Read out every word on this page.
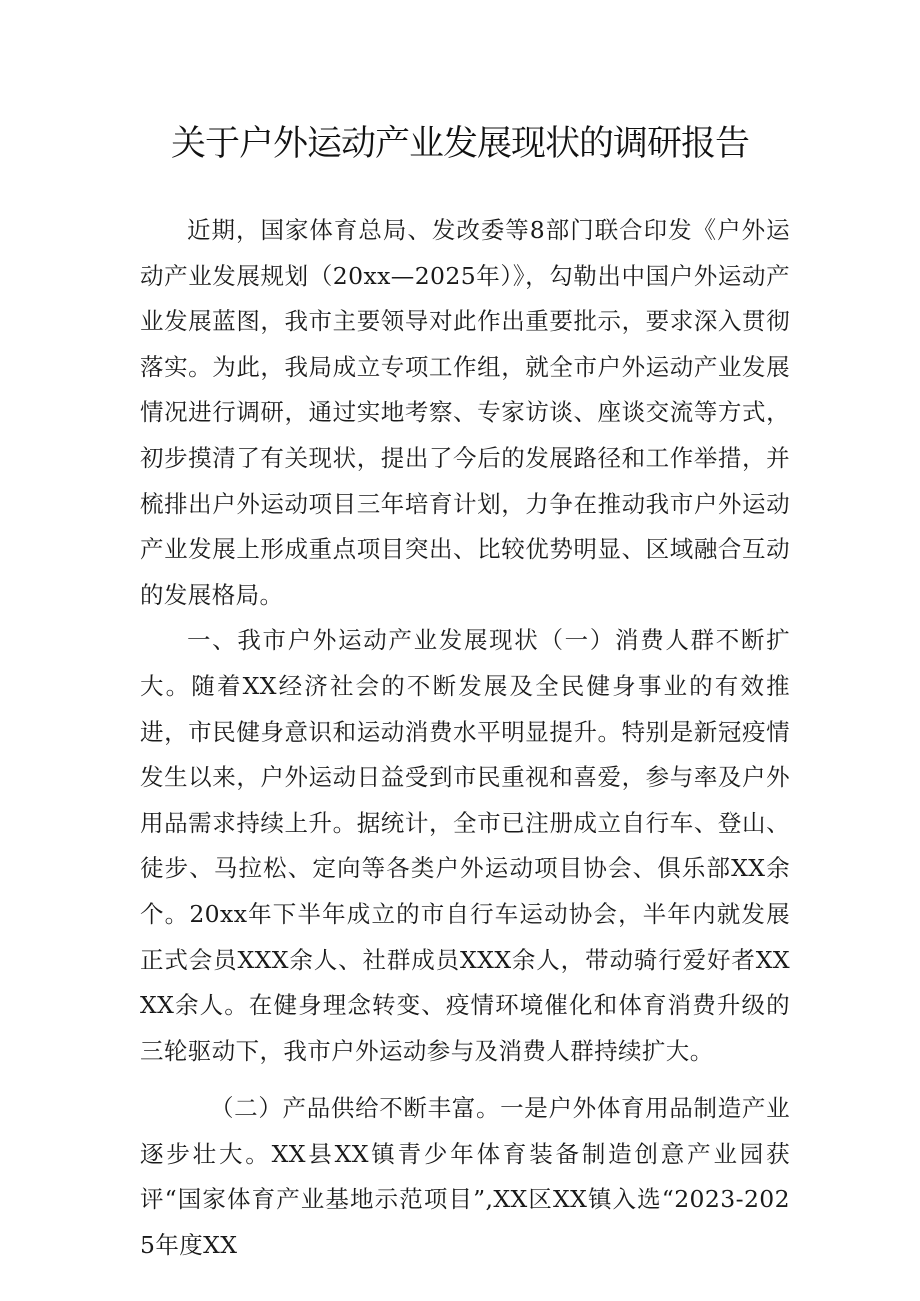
关于户外运动产业发展现状的调研报告

近期，国家体育总局、发改委等8部门联合印发《户外运动产业发展规划（20xx—2025年）》，勾勒出中国户外运动产业发展蓝图，我市主要领导对此作出重要批示，要求深入贯彻落实。为此，我局成立专项工作组，就全市户外运动产业发展情况进行调研，通过实地考察、专家访谈、座谈交流等方式，初步摸清了有关现状，提出了今后的发展路径和工作举措，并梳排出户外运动项目三年培育计划，力争在推动我市户外运动产业发展上形成重点项目突出、比较优势明显、区域融合互动的发展格局。

一、我市户外运动产业发展现状（一）消费人群不断扩大。随着XX经济社会的不断发展及全民健身事业的有效推进，市民健身意识和运动消费水平明显提升。特别是新冠疫情发生以来，户外运动日益受到市民重视和喜爱，参与率及户外用品需求持续上升。据统计，全市已注册成立自行车、登山、徒步、马拉松、定向等各类户外运动项目协会、俱乐部XX余个。20xx年下半年成立的市自行车运动协会，半年内就发展正式会员XXX余人、社群成员XXX余人，带动骑行爱好者XXXX余人。在健身理念转变、疫情环境催化和体育消费升级的三轮驱动下，我市户外运动参与及消费人群持续扩大。

（二）产品供给不断丰富。一是户外体育用品制造产业逐步壮大。XX县XX镇青少年体育装备制造创意产业园获评“国家体育产业基地示范项目”,XX区XX镇入选“2023-2025年度XX
